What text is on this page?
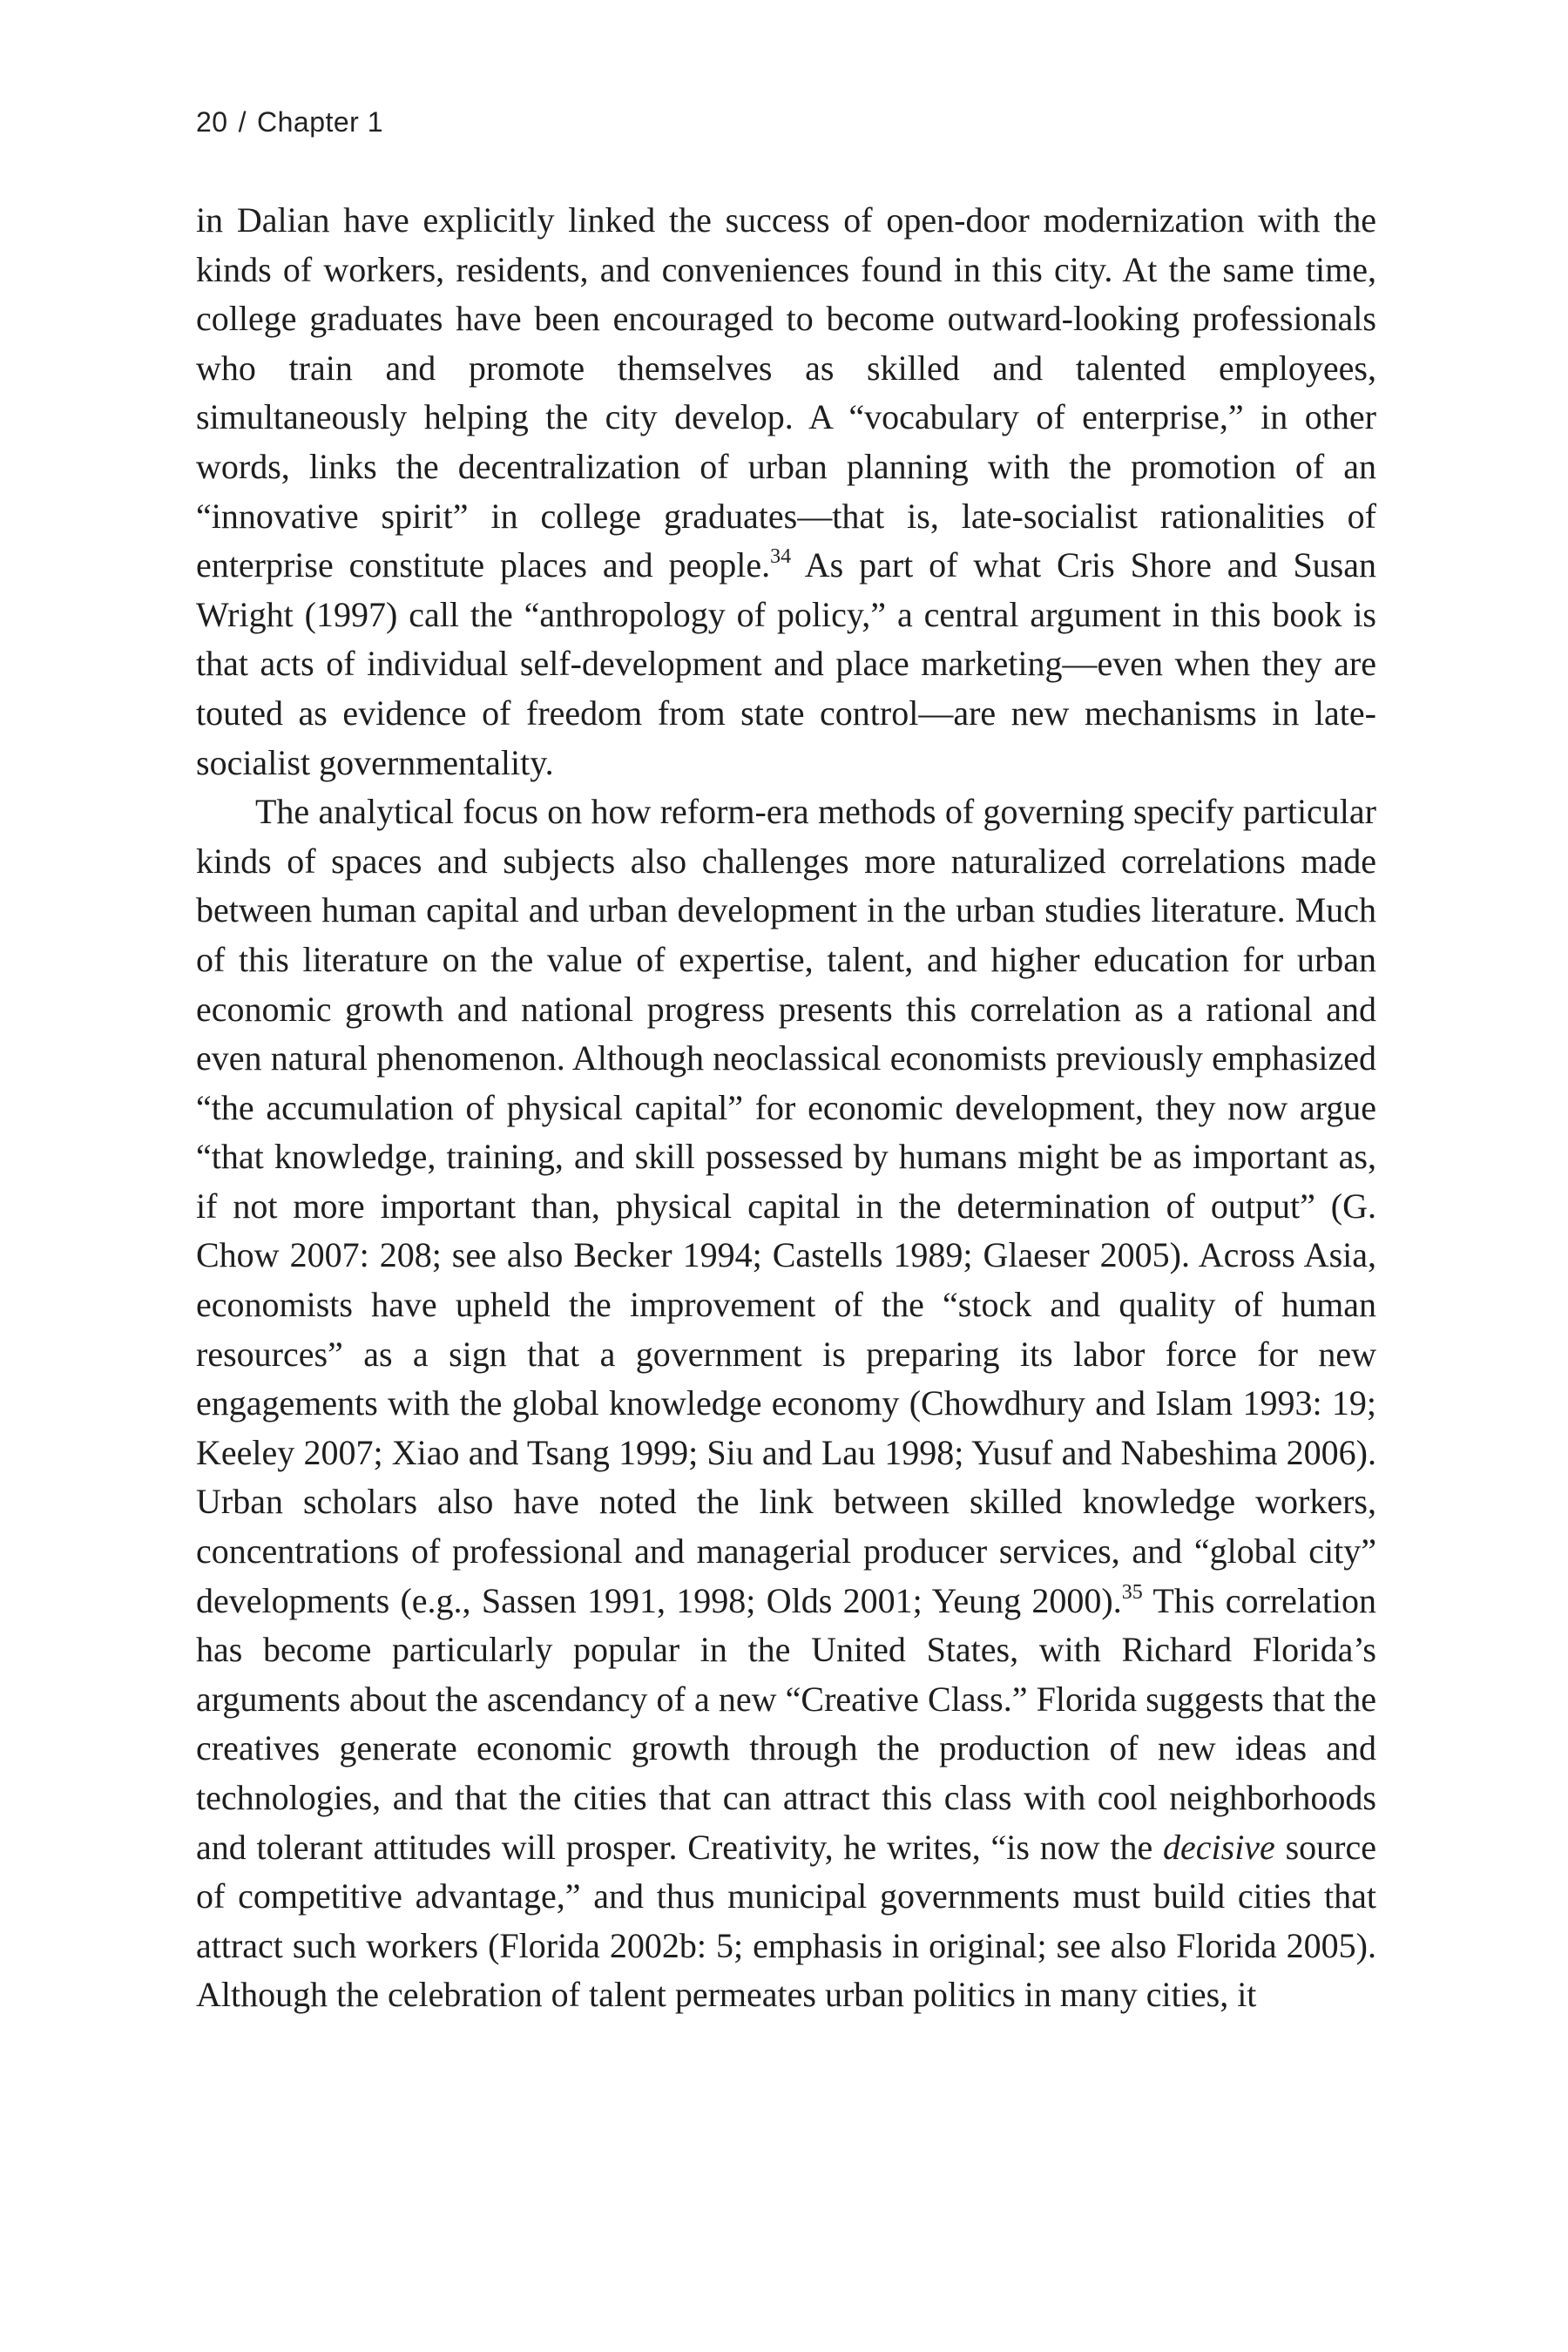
20 / Chapter 1

in Dalian have explicitly linked the success of open-door modernization with the kinds of workers, residents, and conveniences found in this city. At the same time, college graduates have been encouraged to become outward-looking professionals who train and promote themselves as skilled and talented employees, simultaneously helping the city develop. A “vocabulary of enterprise,” in other words, links the decentralization of urban planning with the promotion of an “innovative spirit” in college graduates—that is, late-socialist rationalities of enterprise constitute places and people.$^{34}$ As part of what Cris Shore and Susan Wright (1997) call the “anthropology of policy,” a central argument in this book is that acts of individual self-development and place marketing—even when they are touted as evidence of freedom from state control—are new mechanisms in late-socialist governmentality.

The analytical focus on how reform-era methods of governing specify particular kinds of spaces and subjects also challenges more naturalized correlations made between human capital and urban development in the urban studies literature. Much of this literature on the value of expertise, talent, and higher education for urban economic growth and national progress presents this correlation as a rational and even natural phenomenon. Although neoclassical economists previously emphasized “the accumulation of physical capital” for economic development, they now argue “that knowledge, training, and skill possessed by humans might be as important as, if not more important than, physical capital in the determination of output” (G. Chow 2007: 208; see also Becker 1994; Castells 1989; Glaeser 2005). Across Asia, economists have upheld the improvement of the “stock and quality of human resources” as a sign that a government is preparing its labor force for new engagements with the global knowledge economy (Chowdhury and Islam 1993: 19; Keeley 2007; Xiao and Tsang 1999; Siu and Lau 1998; Yusuf and Nabeshima 2006). Urban scholars also have noted the link between skilled knowledge workers, concentrations of professional and managerial producer services, and “global city” developments (e.g., Sassen 1991, 1998; Olds 2001; Yeung 2000).$^{35}$ This correlation has become particularly popular in the United States, with Richard Florida’s arguments about the ascendancy of a new “Creative Class.” Florida suggests that the creatives generate economic growth through the production of new ideas and technologies, and that the cities that can attract this class with cool neighborhoods and tolerant attitudes will prosper. Creativity, he writes, “is now the decisive source of competitive advantage,” and thus municipal governments must build cities that attract such workers (Florida 2002b: 5; emphasis in original; see also Florida 2005). Although the celebration of talent permeates urban politics in many cities, it
